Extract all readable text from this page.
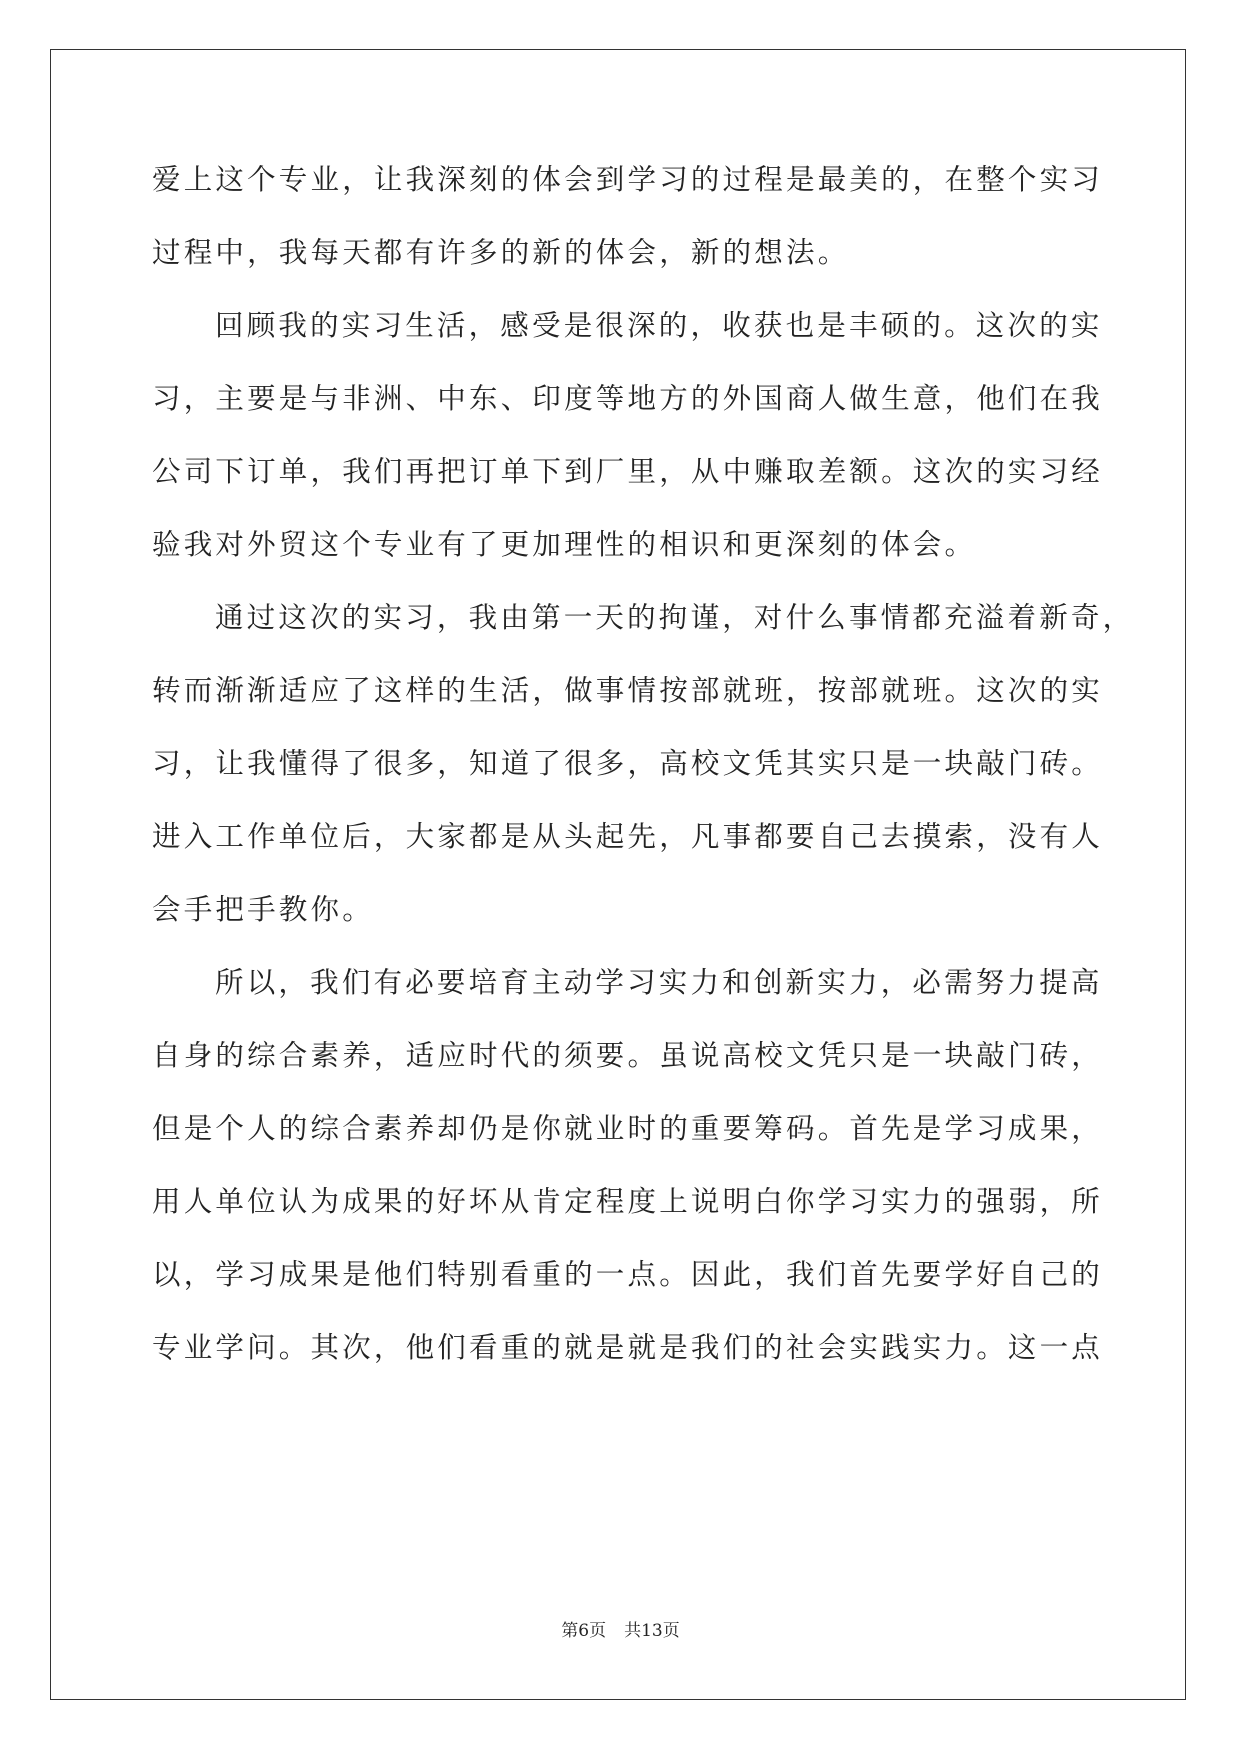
爱上这个专业，让我深刻的体会到学习的过程是最美的，在整个实习
过程中，我每天都有许多的新的体会，新的想法。
回顾我的实习生活，感受是很深的，收获也是丰硕的。这次的实
习，主要是与非洲、中东、印度等地方的外国商人做生意，他们在我
公司下订单，我们再把订单下到厂里，从中赚取差额。这次的实习经
验我对外贸这个专业有了更加理性的相识和更深刻的体会。
通过这次的实习，我由第一天的拘谨，对什么事情都充溢着新奇，
转而渐渐适应了这样的生活，做事情按部就班，按部就班。这次的实
习，让我懂得了很多，知道了很多，高校文凭其实只是一块敲门砖。
进入工作单位后，大家都是从头起先，凡事都要自己去摸索，没有人
会手把手教你。
所以，我们有必要培育主动学习实力和创新实力，必需努力提高
自身的综合素养，适应时代的须要。虽说高校文凭只是一块敲门砖，
但是个人的综合素养却仍是你就业时的重要筹码。首先是学习成果，
用人单位认为成果的好坏从肯定程度上说明白你学习实力的强弱，所
以，学习成果是他们特别看重的一点。因此，我们首先要学好自己的
专业学问。其次，他们看重的就是就是我们的社会实践实力。这一点
第6页 共13页
